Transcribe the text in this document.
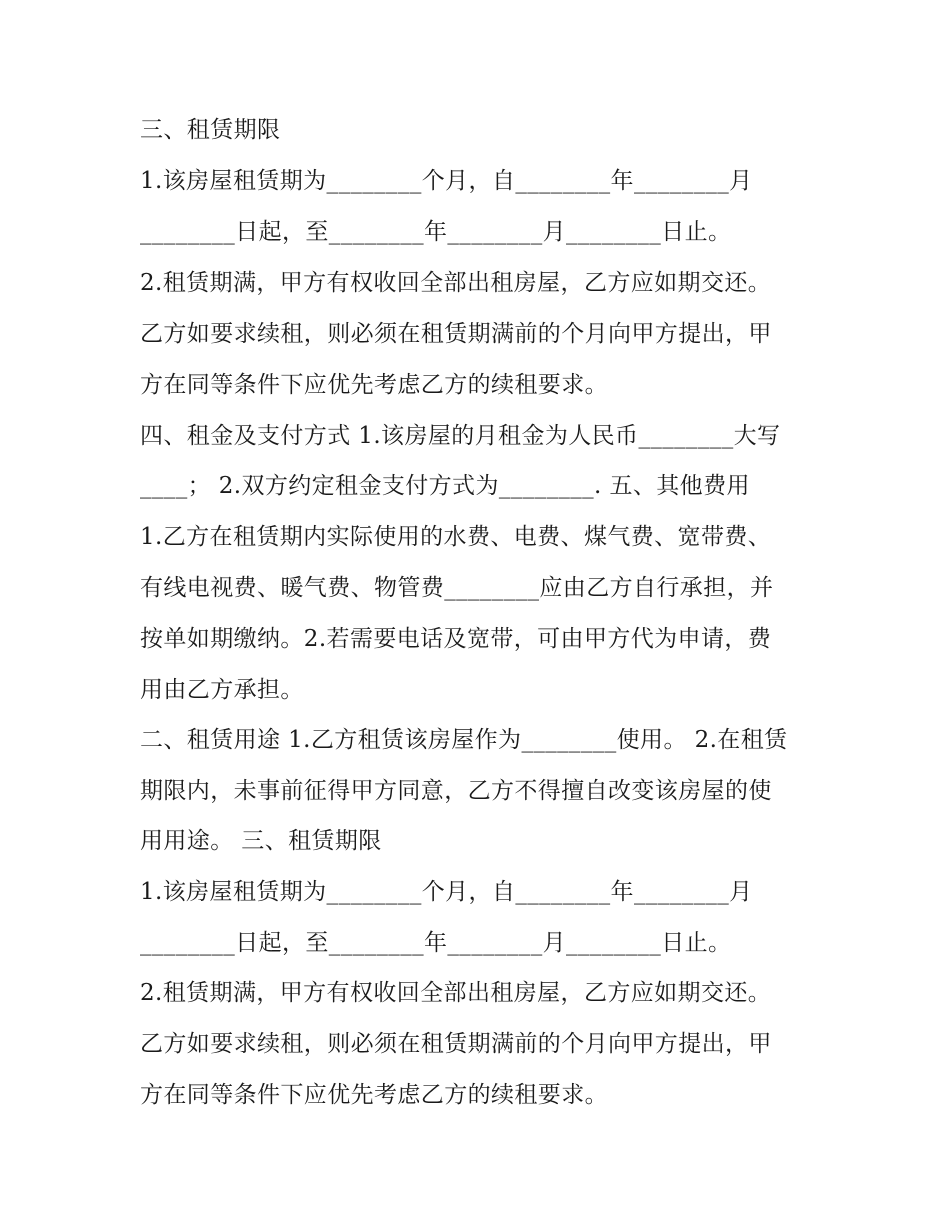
三、租赁期限
1.该房屋租赁期为________个月，自________年________月
________日起，至________年________月________日止。
2.租赁期满，甲方有权收回全部出租房屋，乙方应如期交还。
乙方如要求续租，则必须在租赁期满前的个月向甲方提出，甲
方在同等条件下应优先考虑乙方的续租要求。
四、租金及支付方式 1.该房屋的月租金为人民币________大写
____； 2.双方约定租金支付方式为________. 五、其他费用
1.乙方在租赁期内实际使用的水费、电费、煤气费、宽带费、
有线电视费、暖气费、物管费________应由乙方自行承担，并
按单如期缴纳。2.若需要电话及宽带，可由甲方代为申请，费
用由乙方承担。
二、租赁用途 1.乙方租赁该房屋作为________使用。 2.在租赁
期限内，未事前征得甲方同意，乙方不得擅自改变该房屋的使
用用途。 三、租赁期限
1.该房屋租赁期为________个月，自________年________月
________日起，至________年________月________日止。
2.租赁期满，甲方有权收回全部出租房屋，乙方应如期交还。
乙方如要求续租，则必须在租赁期满前的个月向甲方提出，甲
方在同等条件下应优先考虑乙方的续租要求。
